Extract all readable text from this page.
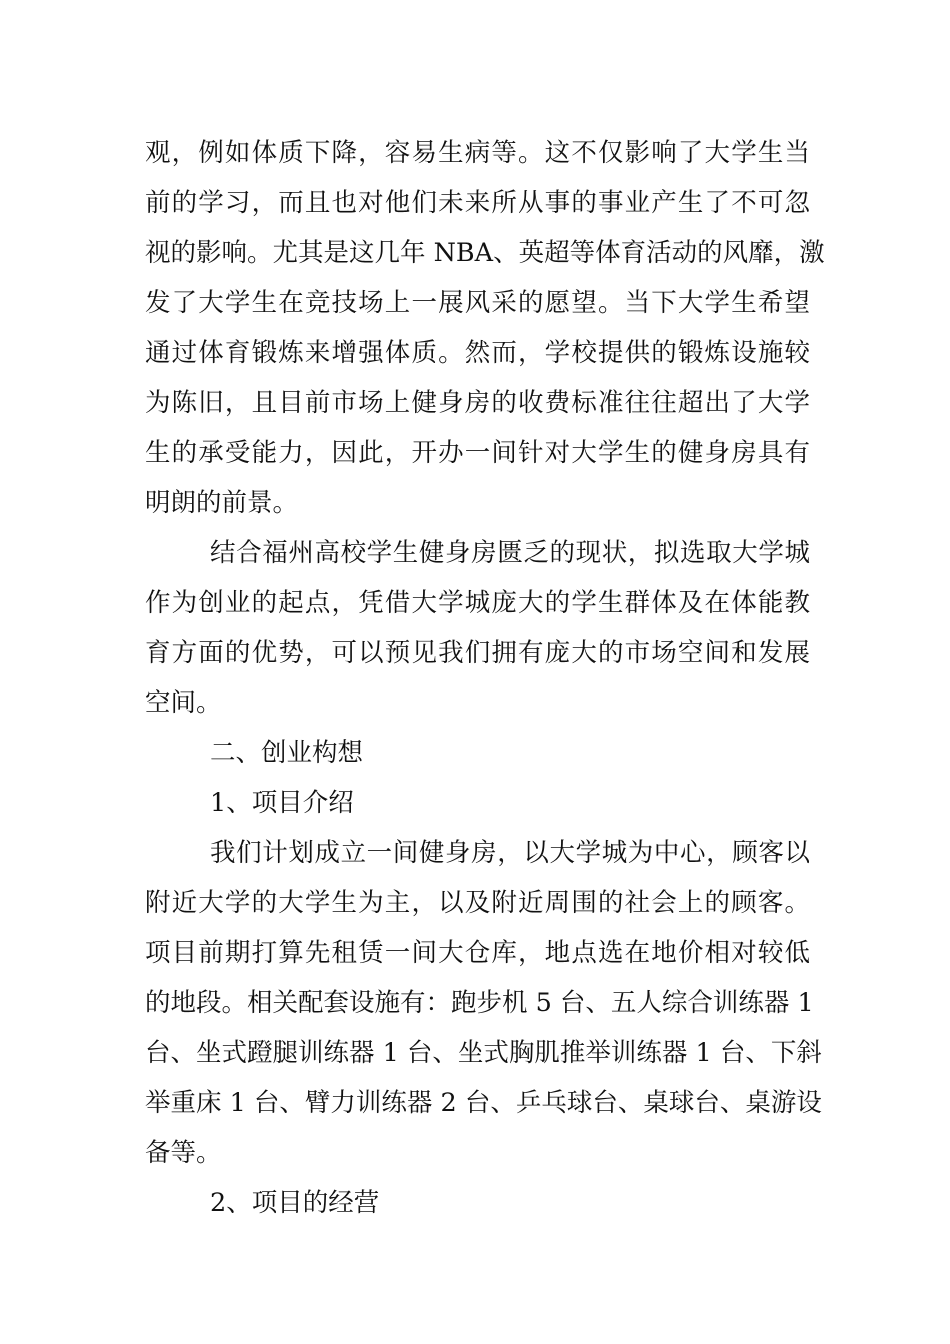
观，例如体质下降，容易生病等。这不仅影响了大学生当
前的学习，而且也对他们未来所从事的事业产生了不可忽
视的影响。尤其是这几年 NBA、英超等体育活动的风靡，激
发了大学生在竞技场上一展风采的愿望。当下大学生希望
通过体育锻炼来增强体质。然而，学校提供的锻炼设施较
为陈旧，且目前市场上健身房的收费标准往往超出了大学
生的承受能力，因此，开办一间针对大学生的健身房具有
明朗的前景。
结合福州高校学生健身房匮乏的现状，拟选取大学城
作为创业的起点，凭借大学城庞大的学生群体及在体能教
育方面的优势，可以预见我们拥有庞大的市场空间和发展
空间。
二、创业构想
1、项目介绍
我们计划成立一间健身房，以大学城为中心，顾客以
附近大学的大学生为主，以及附近周围的社会上的顾客。
项目前期打算先租赁一间大仓库，地点选在地价相对较低
的地段。相关配套设施有：跑步机 5 台、五人综合训练器 1
台、坐式蹬腿训练器 1 台、坐式胸肌推举训练器 1 台、下斜
举重床 1 台、臂力训练器 2 台、乒乓球台、桌球台、桌游设
备等。
2、项目的经营
